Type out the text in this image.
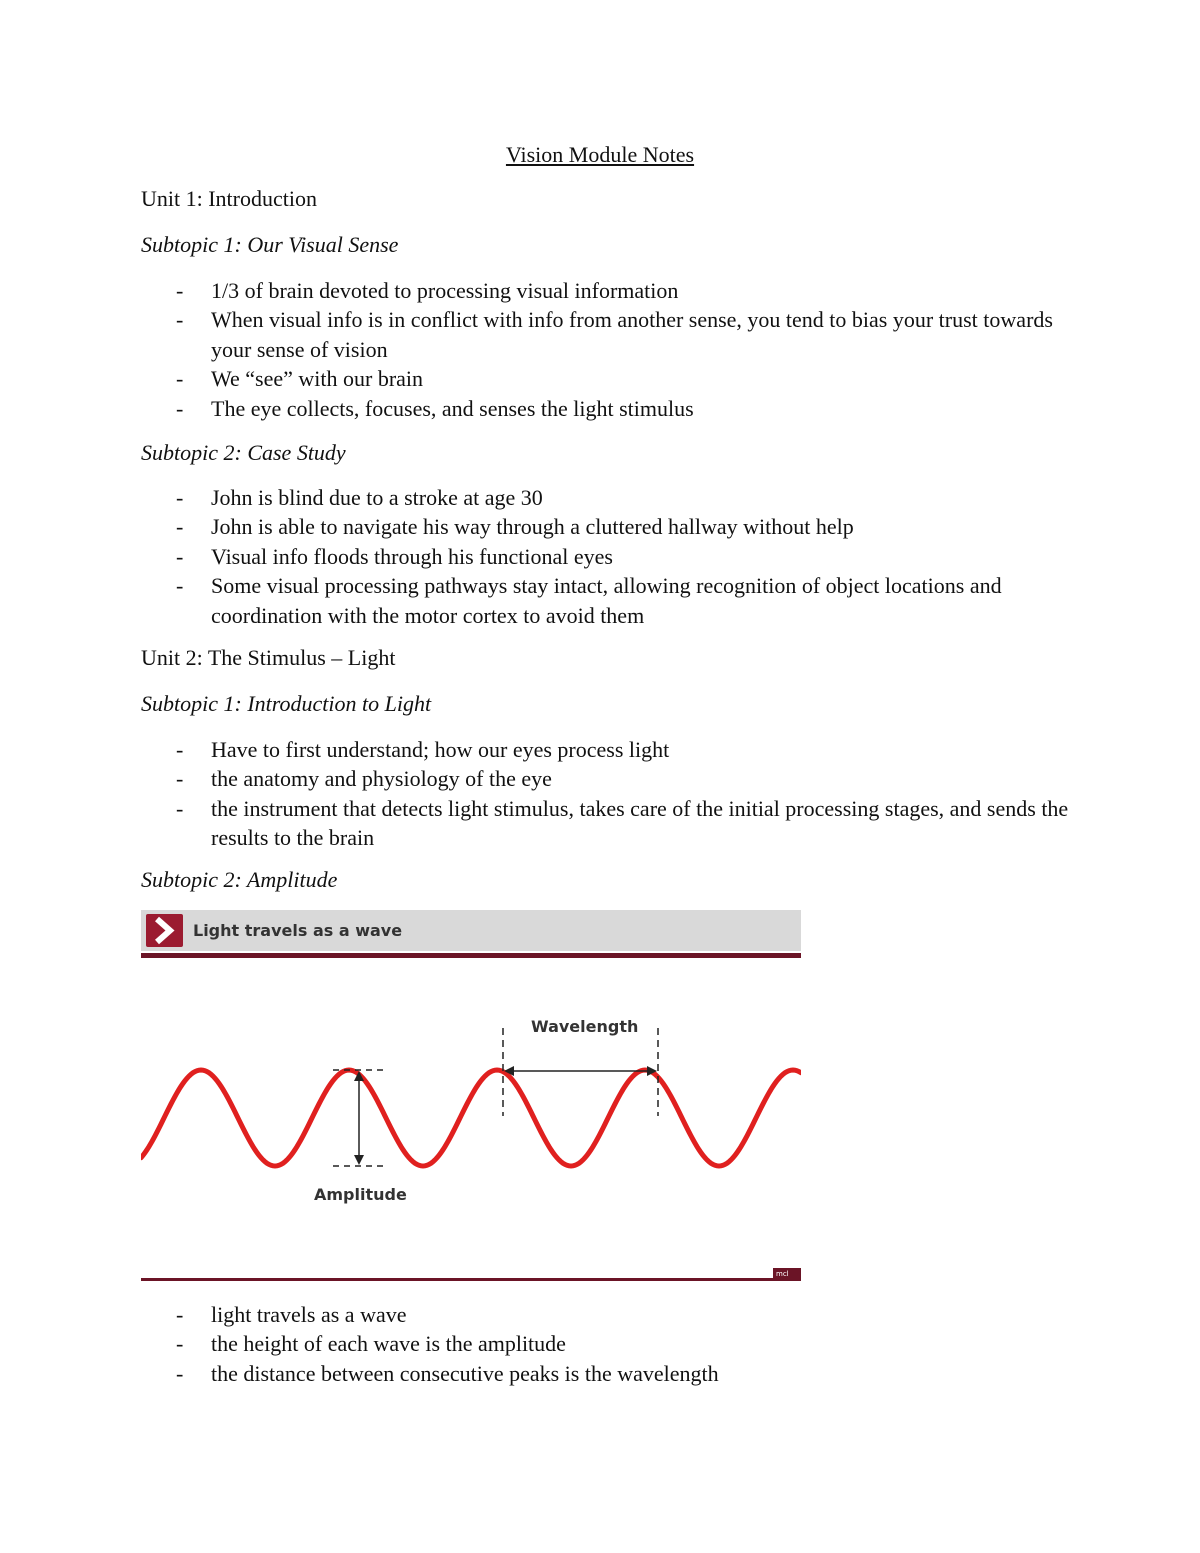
Vision Module Notes
Unit 1: Introduction
Subtopic 1: Our Visual Sense
- 1/3 of brain devoted to processing visual information
- When visual info is in conflict with info from another sense, you tend to bias your trust towards your sense of vision
- We “see” with our brain
- The eye collects, focuses, and senses the light stimulus
Subtopic 2: Case Study
- John is blind due to a stroke at age 30
- John is able to navigate his way through a cluttered hallway without help
- Visual info floods through his functional eyes
- Some visual processing pathways stay intact, allowing recognition of object locations and coordination with the motor cortex to avoid them
Unit 2: The Stimulus – Light
Subtopic 1: Introduction to Light
- Have to first understand; how our eyes process light
- the anatomy and physiology of the eye
- the instrument that detects light stimulus, takes care of the initial processing stages, and sends the results to the brain
Subtopic 2: Amplitude
Light travels as a wave
Wavelength
Amplitude
mcl
- light travels as a wave
- the height of each wave is the amplitude
- the distance between consecutive peaks is the wavelength
